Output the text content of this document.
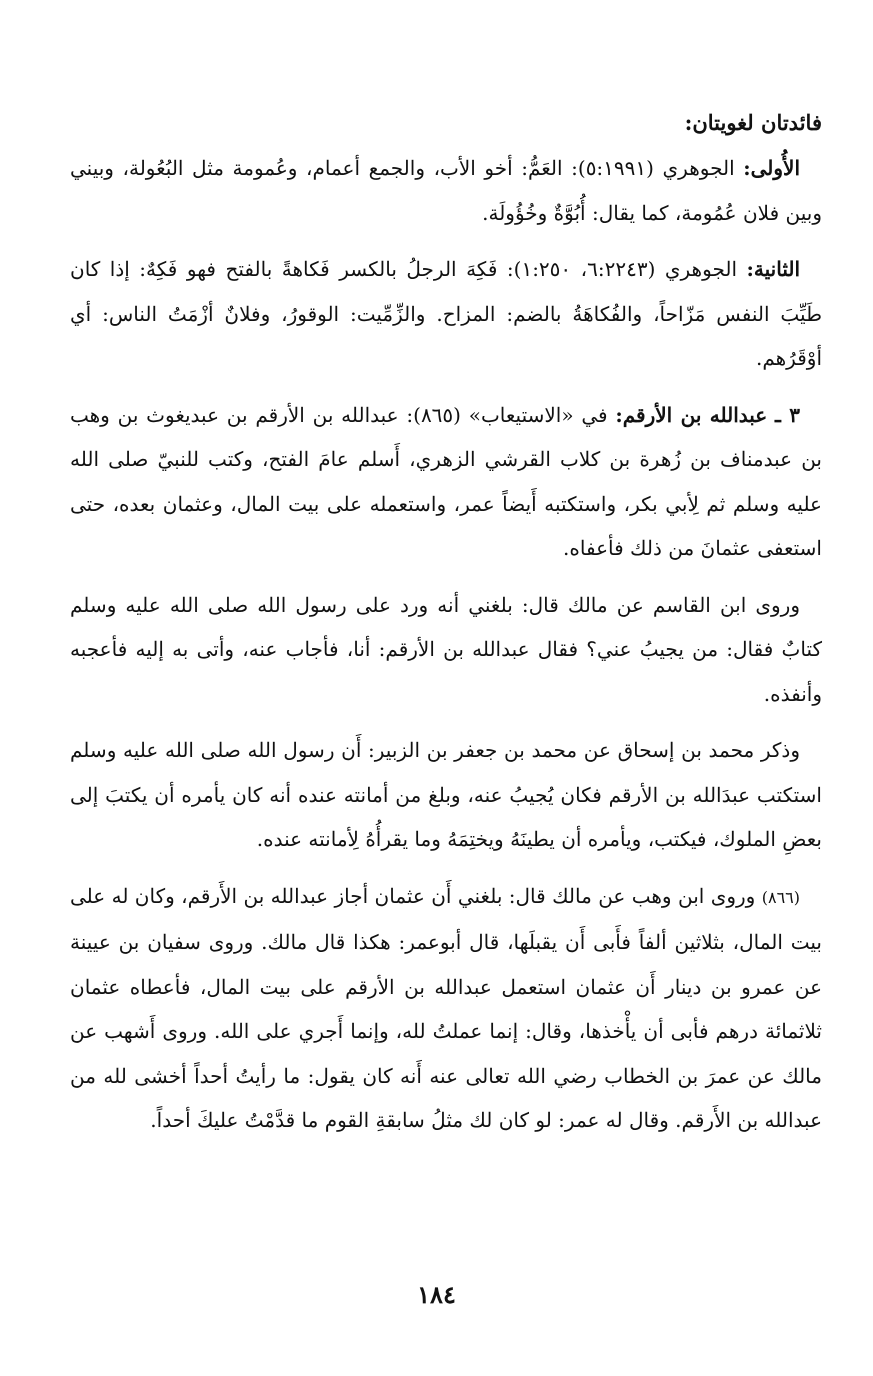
فائدتان لغويتان:

الأُولى: الجوهري (٥:١٩٩١): العَمُّ: أخو الأب، والجمع أعمام، وعُمومة مثل البُعُولة، وبيني وبين فلان عُمُومة، كما يقال: أُبُوَّةٌ وخُؤُولَة.

الثانية: الجوهري (٦:٢٢٤٣، ١:٢٥٠): فَكِهَ الرجلُ بالكسر فَكاهةً بالفتح فهو فَكِهٌ: إذا كان طَيِّبَ النفس مَزّاحاً، والفُكاهَةُ بالضم: المزاح. والزِّمِّيت: الوقورُ، وفلانٌ أزْمَتُ الناس: أي أوْقَرُهم.

٣ ـ عبدالله بن الأرقم: في «الاستيعاب» (٨٦٥): عبدالله بن الأرقم بن عبديغوث بن وهب بن عبدمناف بن زُهرة بن كلاب القرشي الزهري، أَسلم عامَ الفتح، وكتب للنبيّ صلى الله عليه وسلم ثم لِأبي بكر، واستكتبه أَيضاً عمر، واستعمله على بيت المال، وعثمان بعده، حتى استعفى عثمانَ من ذلك فأعفاه.

وروى ابن القاسم عن مالك قال: بلغني أنه ورد على رسول الله صلى الله عليه وسلم كتابٌ فقال: من يجيبُ عني؟ فقال عبدالله بن الأرقم: أنا، فأجاب عنه، وأتى به إليه فأعجبه وأنفذه.

وذكر محمد بن إسحاق عن محمد بن جعفر بن الزبير: أَن رسول الله صلى الله عليه وسلم استكتب عبدَالله بن الأرقم فكان يُجيبُ عنه، وبلغ من أمانته عنده أنه كان يأمره أن يكتبَ إلى بعضِ الملوك، فيكتب، ويأمره أن يطينَهُ ويختِمَهُ وما يقرأُهُ لِأمانته عنده.

(٨٦٦) وروى ابن وهب عن مالك قال: بلغني أَن عثمان أجاز عبدالله بن الأَرقم، وكان له على بيت المال، بثلاثين ألفاً فأَبى أَن يقبلَها، قال أبوعمر: هكذا قال مالك. وروى سفيان بن عيينة عن عمرو بن دينار أَن عثمان استعمل عبدالله بن الأرقم على بيت المال، فأعطاه عثمان ثلاثمائة درهم فأبى أن يأْخذها، وقال: إنما عملتُ لله، وإنما أَجري على الله. وروى أَشهب عن مالك عن عمرَ بن الخطاب رضي الله تعالى عنه أَنه كان يقول: ما رأيتُ أحداً أخشى لله من عبدالله بن الأَرقم. وقال له عمر: لو كان لك مثلُ سابقةِ القوم ما قدَّمْتُ عليكَ أحداً.

١٨٤
